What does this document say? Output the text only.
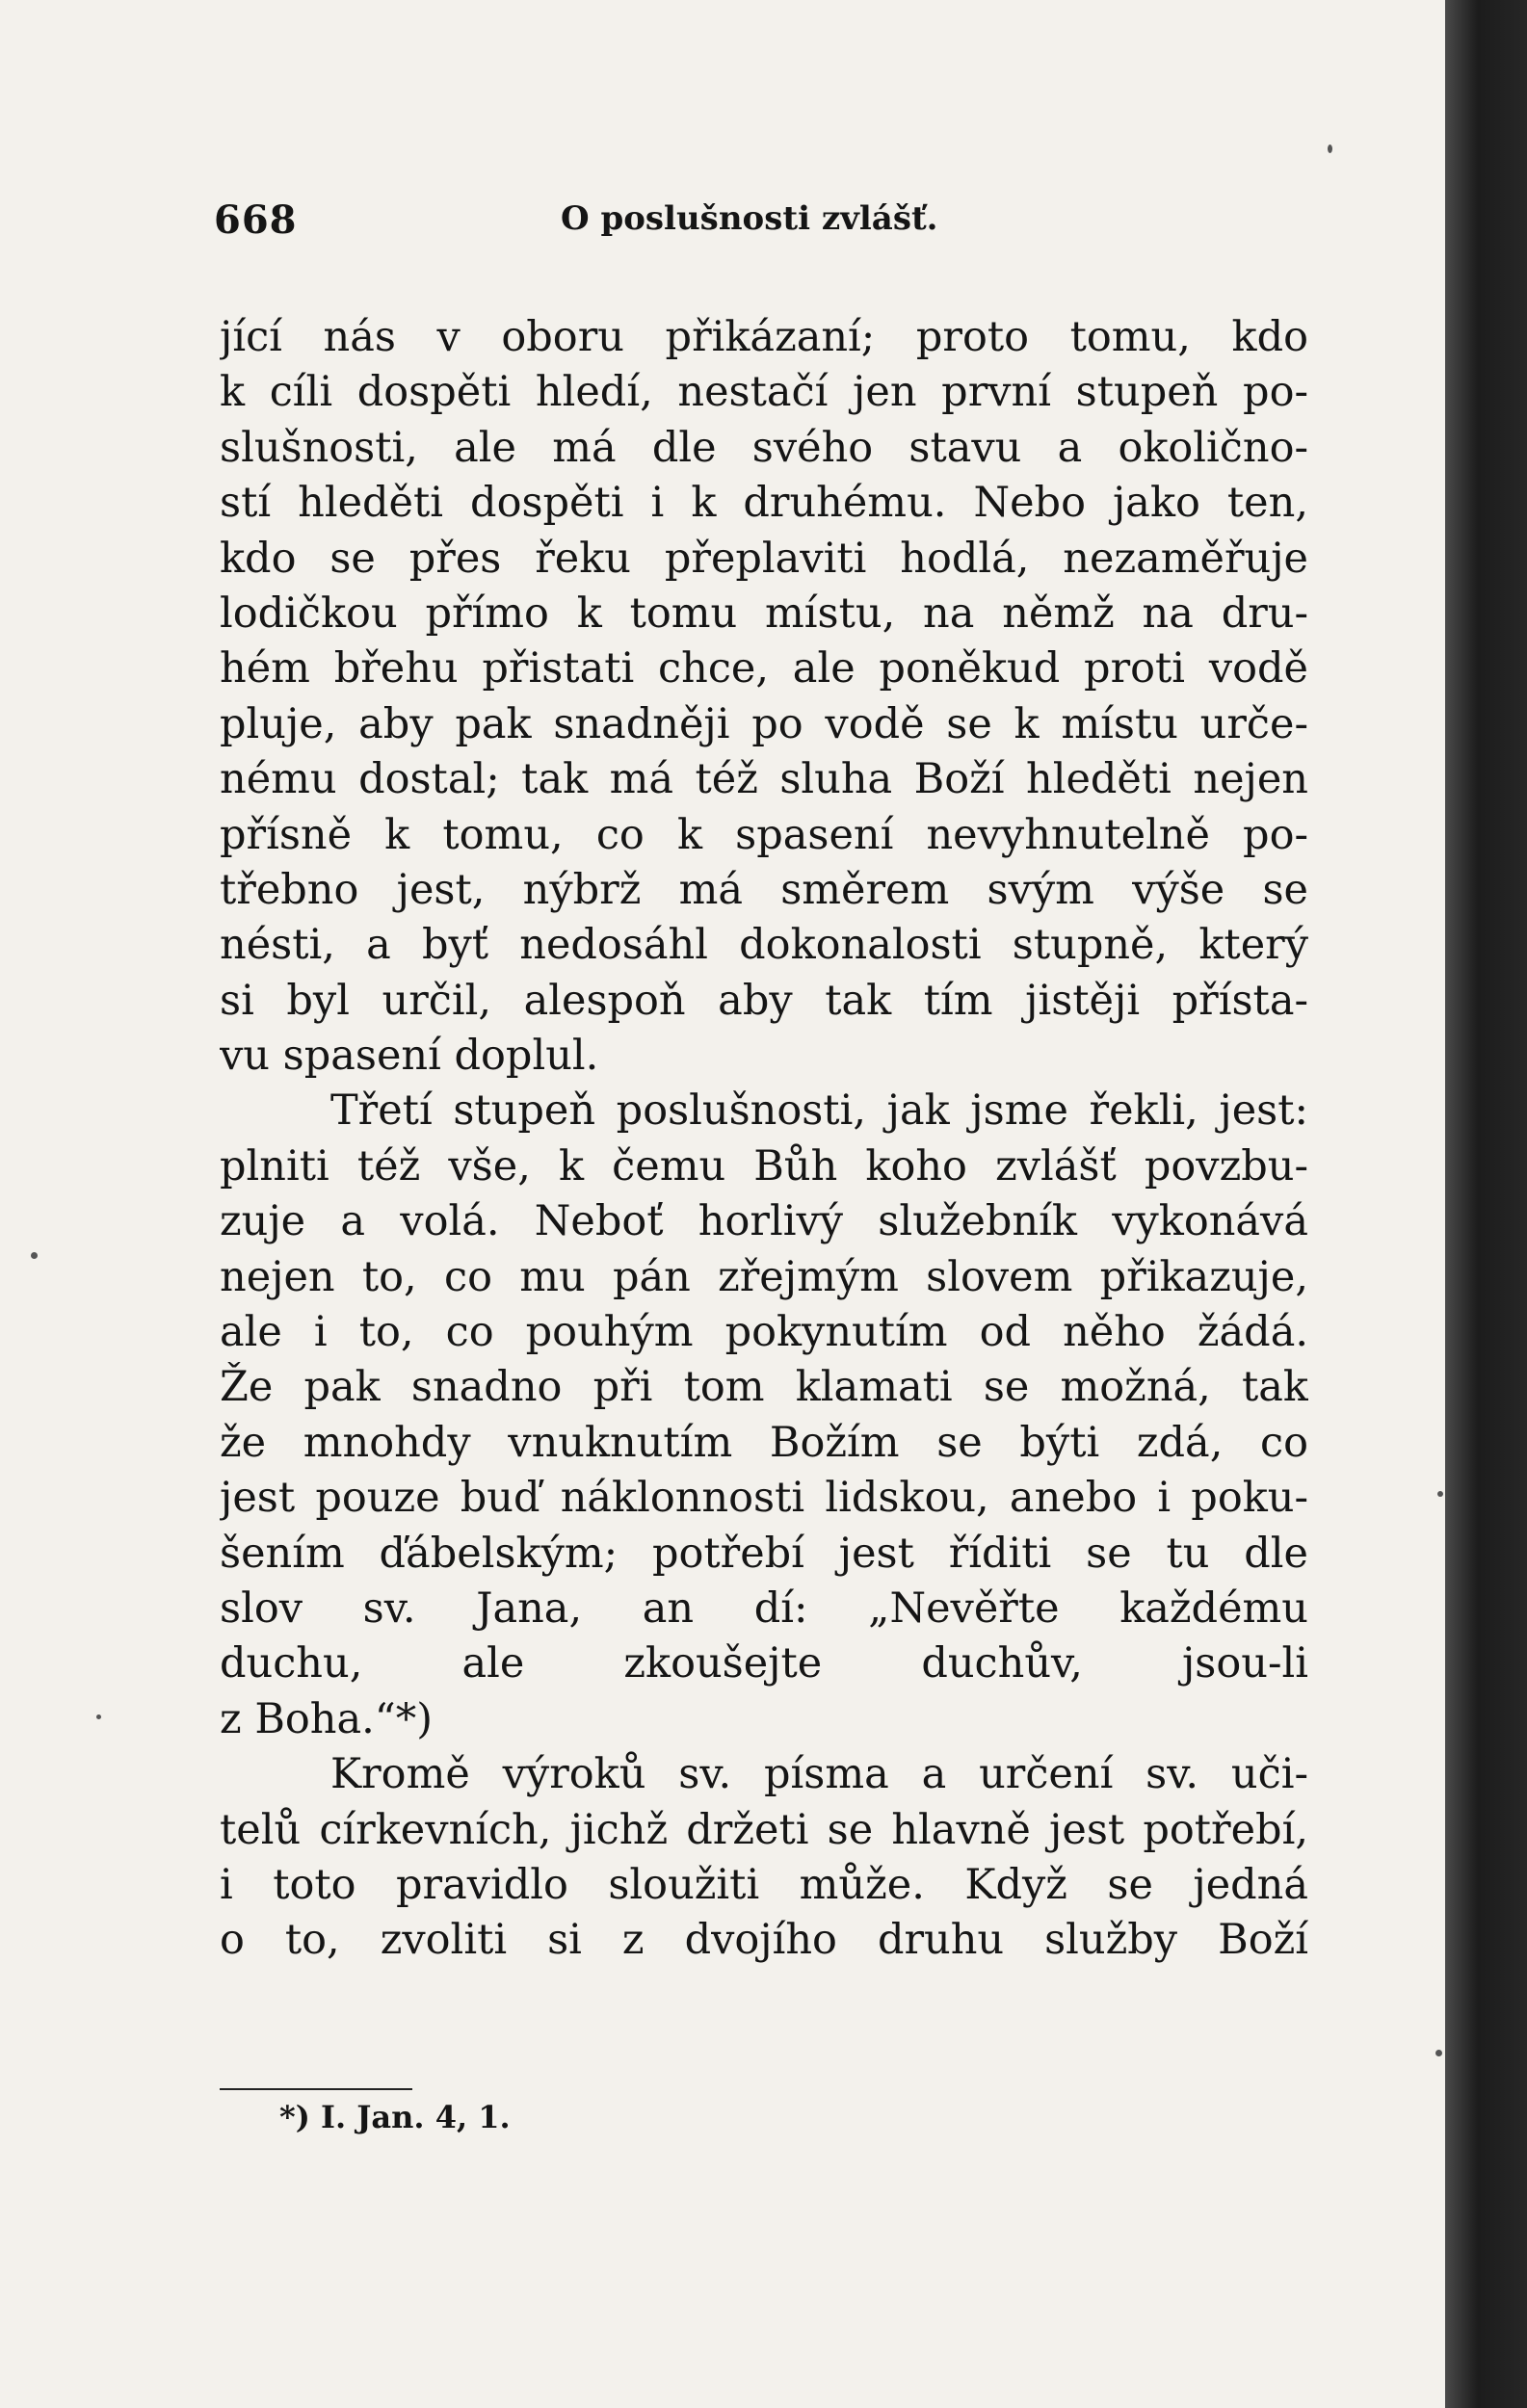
668	O poslušnosti zvlášť.
jící nás v oboru přikázaní; proto tomu, kdo
k cíli dospěti hledí, nestačí jen první stupeň po-
slušnosti, ale má dle svého stavu a okolično-
stí hleděti dospěti i k druhému. Nebo jako ten,
kdo se přes řeku přeplaviti hodlá, nezaměřuje
lodičkou přímo k tomu místu, na němž na dru-
hém břehu přistati chce, ale poněkud proti vodě
pluje, aby pak snadněji po vodě se k místu urče-
nému dostal; tak má též sluha Boží hleděti nejen
přísně k tomu, co k spasení nevyhnutelně po-
třebno jest, nýbrž má směrem svým výše se
nésti, a byť nedosáhl dokonalosti stupně, který
si byl určil, alespoň aby tak tím jistěji přísta-
vu spasení doplul.
Třetí stupeň poslušnosti, jak jsme řekli, jest:
plniti též vše, k čemu Bůh koho zvlášť povzbu-
zuje a volá. Neboť horlivý služebník vykonává
nejen to, co mu pán zřejmým slovem přikazuje,
ale i to, co pouhým pokynutím od něho žádá.
Že pak snadno při tom klamati se možná, tak
že mnohdy vnuknutím Božím se býti zdá, co
jest pouze buď náklonnosti lidskou, anebo i poku-
šením ďábelským; potřebí jest říditi se tu dle
slov sv. Jana, an dí: „Nevěřte každému
duchu, ale zkoušejte duchův, jsou-li
z Boha.“*)
Kromě výroků sv. písma a určení sv. uči-
telů církevních, jichž držeti se hlavně jest potřebí,
i toto pravidlo sloužiti může. Když se jedná
o to, zvoliti si z dvojího druhu služby Boží
*) I. Jan. 4, 1.
